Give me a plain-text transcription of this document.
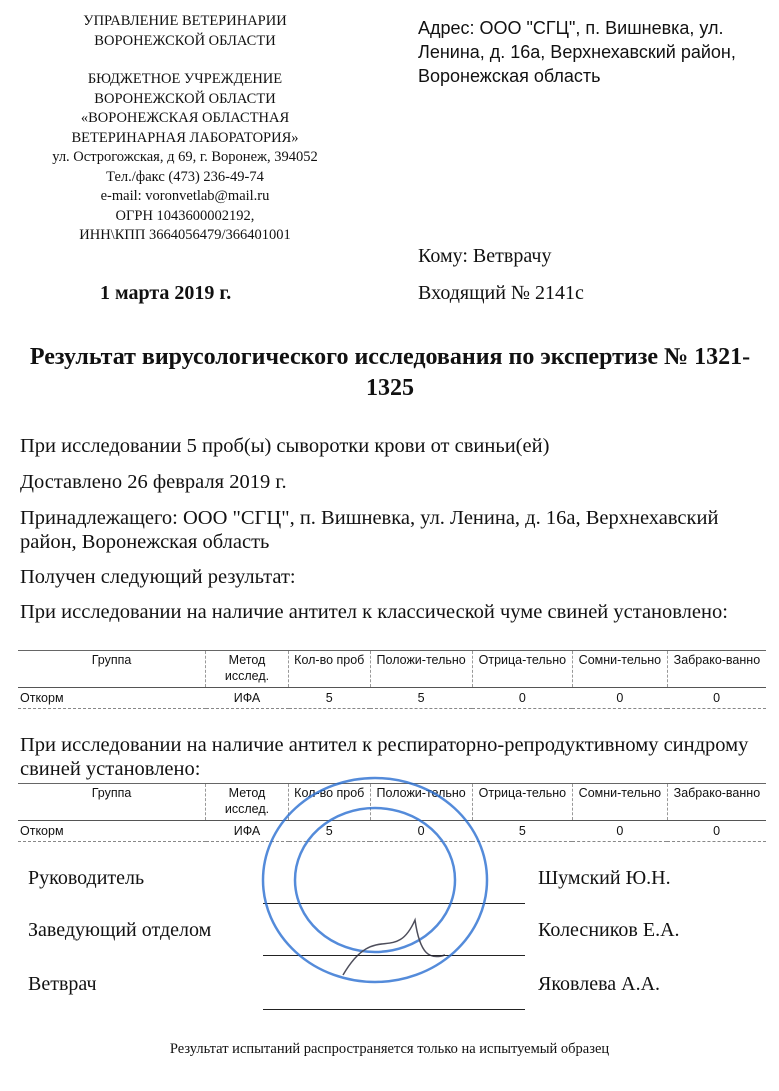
УПРАВЛЕНИЕ ВЕТЕРИНАРИИ
ВОРОНЕЖСКОЙ ОБЛАСТИ
БЮДЖЕТНОЕ УЧРЕЖДЕНИЕ
ВОРОНЕЖСКОЙ ОБЛАСТИ
«ВОРОНЕЖСКАЯ ОБЛАСТНАЯ
ВЕТЕРИНАРНАЯ ЛАБОРАТОРИЯ»
ул. Острогожская, д 69, г. Воронеж, 394052
Тел./факс (473) 236-49-74
e-mail: voronvetlab@mail.ru
ОГРН 1043600002192,
ИНН\КПП 3664056479/366401001
Адрес: ООО "СГЦ", п. Вишневка, ул. Ленина, д. 16а, Верхнехавский район, Воронежская область
Кому: Ветврачу
Входящий № 2141с
1 марта 2019 г.
Результат вирусологического исследования по экспертизе № 1321-1325
При исследовании 5 проб(ы) сыворотки крови от свиньи(ей)
Доставлено 26 февраля 2019 г.
Принадлежащего: ООО "СГЦ", п. Вишневка, ул. Ленина, д. 16а, Верхнехавский район, Воронежская область
Получен следующий результат:
При исследовании на наличие антител к классической чуме свиней установлено:
Группа	Метод исслед.	Кол-во проб	Положи-тельно	Отрица-тельно	Сомни-тельно	Забрако-ванно
Откорм	ИФА	5	5	0	0	0
При исследовании на наличие антител к респираторно-репродуктивному синдрому свиней установлено:
Группа	Метод исслед.	Кол-во проб	Положи-тельно	Отрица-тельно	Сомни-тельно	Забрако-ванно
Откорм	ИФА	5	0	5	0	0
Руководитель	Шумский Ю.Н.
Заведующий отделом	Колесников Е.А.
Ветврач	Яковлева А.А.
Результат испытаний распространяется только на испытуемый образец
